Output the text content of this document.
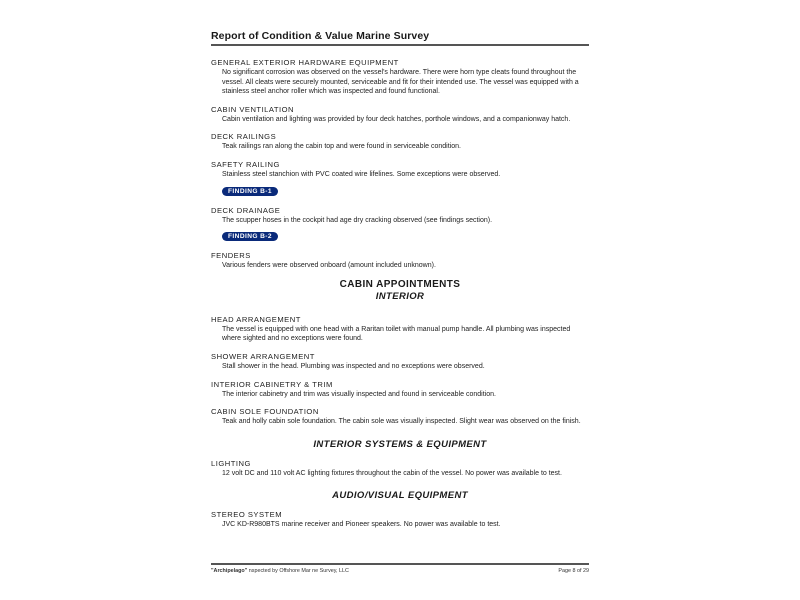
Report of Condition & Value Marine Survey
GENERAL EXTERIOR HARDWARE EQUIPMENT
No significant corrosion was observed on the vessel's hardware. There were horn type cleats found throughout the vessel. All cleats were securely mounted, serviceable and fit for their intended use. The vessel was equipped with a stainless steel anchor roller which was inspected and found functional.
CABIN VENTILATION
Cabin ventilation and lighting was provided by four deck hatches, porthole windows, and a companionway hatch.
DECK RAILINGS
Teak railings ran along the cabin top and were found in serviceable condition.
SAFETY RAILING
Stainless steel stanchion with PVC coated wire lifelines. Some exceptions were observed.
FINDING B-1
DECK DRAINAGE
The scupper hoses in the cockpit had age dry cracking observed (see findings section).
FINDING B-2
FENDERS
Various fenders were observed onboard (amount included unknown).
CABIN APPOINTMENTS
INTERIOR
HEAD ARRANGEMENT
The vessel is equipped with one head with a Raritan toilet with manual pump handle. All plumbing was inspected where sighted and no exceptions were found.
SHOWER ARRANGEMENT
Stall shower in the head. Plumbing was inspected and no exceptions were observed.
INTERIOR CABINETRY & TRIM
The interior cabinetry and trim was visually inspected and found in serviceable condition.
CABIN SOLE FOUNDATION
Teak and holly cabin sole foundation. The cabin sole was visually inspected. Slight wear was observed on the finish.
INTERIOR SYSTEMS & EQUIPMENT
LIGHTING
12 volt DC and 110 volt AC lighting fixtures throughout the cabin of the vessel. No power was available to test.
AUDIO/VISUAL EQUIPMENT
STEREO SYSTEM
JVC KD-R980BTS marine receiver and Pioneer speakers. No power was available to test.
"Archipelago" nspected by Offshore Mar ne Survey, LLC	Page 8 of 29
